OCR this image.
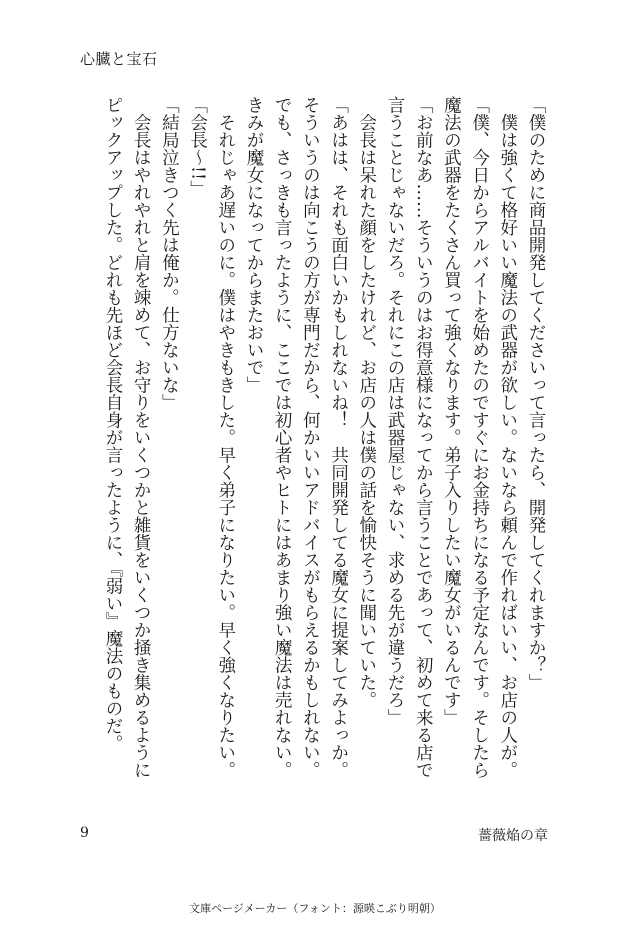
心臓と宝石
「僕のために商品開発してくださいって言ったら、開発してくれますか？」
　僕は強くて格好いい魔法の武器が欲しい。ないなら頼んで作ればいい、お店の人が。
「僕、今日からアルバイトを始めたのですぐにお金持ちになる予定なんです。そしたら
魔法の武器をたくさん買って強くなります。弟子入りしたい魔女がいるんです」
「お前なあ……そういうのはお得意様になってから言うことであって、初めて来る店で
言うことじゃないだろ。それにこの店は武器屋じゃない、求める先が違うだろ」
　会長は呆れた顔をしたけれど、お店の人は僕の話を愉快そうに聞いていた。
「あはは、それも面白いかもしれないね！　共同開発してる魔女に提案してみよっか。
そういうのは向こうの方が専門だから、何かいいアドバイスがもらえるかもしれない。
でも、さっきも言ったように、ここでは初心者やヒトにはあまり強い魔法は売れない。
きみが魔女になってからまたおいで」
　それじゃあ遅いのに。僕はやきもきした。早く弟子になりたい。早く強くなりたい。
「会長〜!!」
「結局泣きつく先は俺か。仕方ないな」
　会長はやれやれと肩を竦めて、お守りをいくつかと雑貨をいくつか掻き集めるように
ピックアップした。どれも先ほど会長自身が言ったように、『弱い』魔法のものだ。
9	薔薇焔の章
文庫ページメーカー（フォント：源暎こぶり明朝）
